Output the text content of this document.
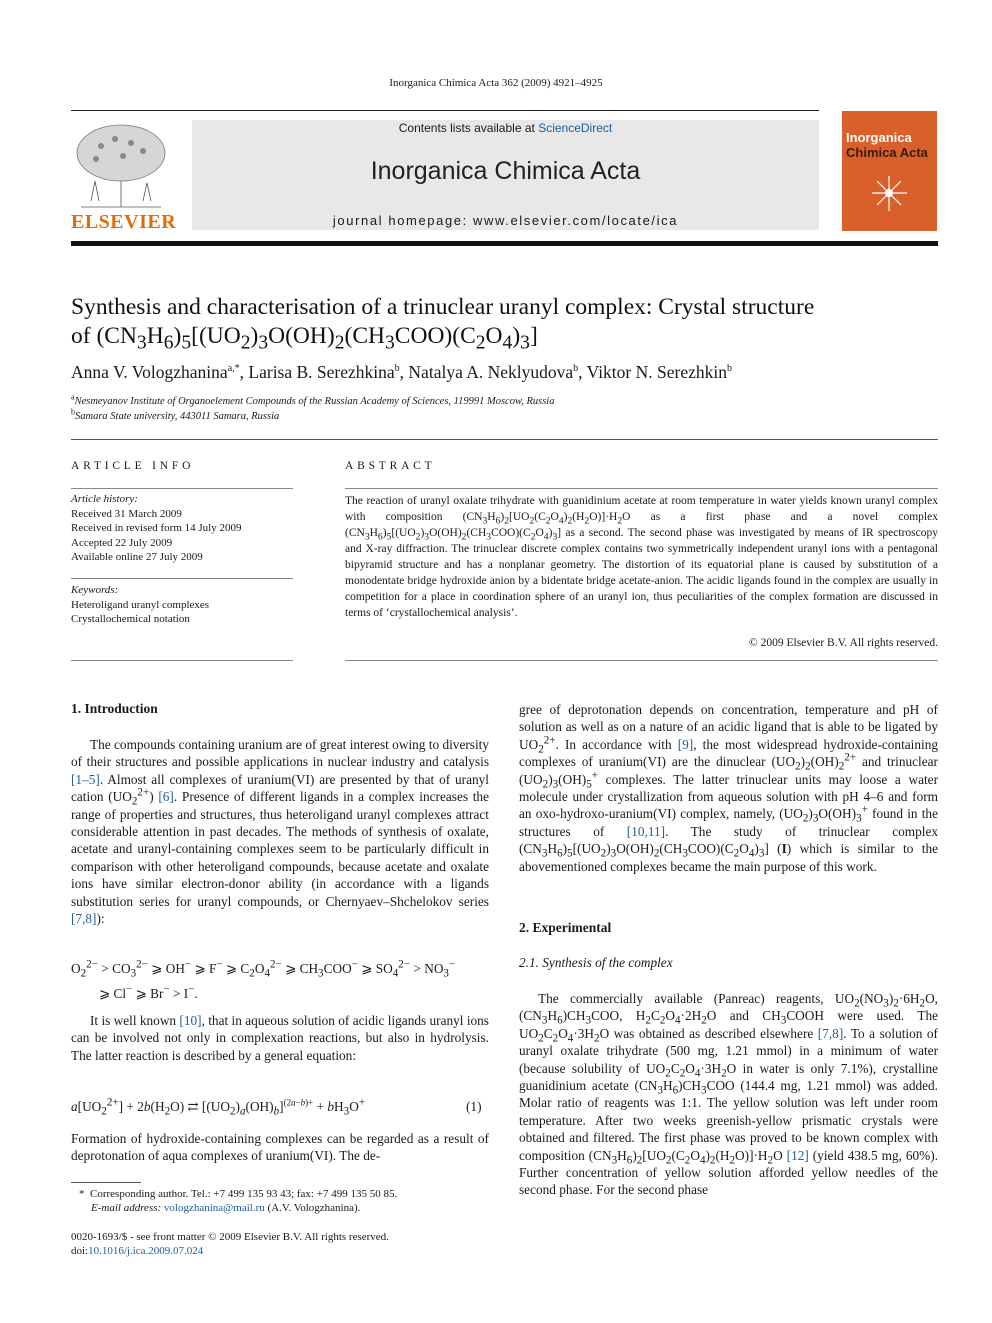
Inorganica Chimica Acta 362 (2009) 4921–4925
ELSEVIER
Contents lists available at ScienceDirect
Inorganica Chimica Acta
journal homepage: www.elsevier.com/locate/ica
Inorganica
Chimica Acta
Synthesis and characterisation of a trinuclear uranyl complex: Crystal structure
of $(CN_3H_6)_5[(UO_2)_3O(OH)_2(CH_3COO)(C_2O_4)_3]$
Anna V. Vologzhanina$^{a,*}$, Larisa B. Serezhkina$^b$, Natalya A. Neklyudova$^b$, Viktor N. Serezhkin$^b$
$^a$Nesmeyanov Institute of Organoelement Compounds of the Russian Academy of Sciences, 119991 Moscow, Russia
$^b$Samara State university, 443011 Samara, Russia
ARTICLE INFO
Article history:
Received 31 March 2009
Received in revised form 14 July 2009
Accepted 22 July 2009
Available online 27 July 2009
Keywords:
Heteroligand uranyl complexes
Crystallochemical notation
ABSTRACT
The reaction of uranyl oxalate trihydrate with guanidinium acetate at room temperature in water yields known uranyl complex with composition $(CN_3H_6)_2[UO_2(C_2O_4)_2(H_2O)]\cdot H_2O$ as a first phase and a novel complex $(CN_3H_6)_5[(UO_2)_3O(OH)_2(CH_3COO)(C_2O_4)_3]$ as a second. The second phase was investigated by means of IR spectroscopy and X-ray diffraction. The trinuclear discrete complex contains two symmetrically independent uranyl ions with a pentagonal bipyramid structure and has a nonplanar geometry. The distortion of its equatorial plane is caused by substitution of a monodentate bridge hydroxide anion by a bidentate bridge acetate-anion. The acidic ligands found in the complex are usually in competition for a place in coordination sphere of an uranyl ion, thus peculiarities of the complex formation are discussed in terms of ‘crystallochemical analysis’.
© 2009 Elsevier B.V. All rights reserved.
1. Introduction

The compounds containing uranium are of great interest owing to diversity of their structures and possible applications in nuclear industry and catalysis [1–5]. Almost all complexes of uranium(VI) are presented by that of uranyl cation $(UO_2^{2+})$ [6]. Presence of different ligands in a complex increases the range of properties and structures, thus heteroligand uranyl complexes attract considerable attention in past decades. The methods of synthesis of oxalate, acetate and uranyl-containing complexes seem to be particularly difficult in comparison with other heteroligand compounds, because acetate and oxalate ions have similar electron-donor ability (in accordance with a ligands substitution series for uranyl compounds, or Chernyaev–Shchelokov series [7,8]):

$O_2^{2-} > CO_3^{2-}$ ⩾ OH− ⩾ F− ⩾ $C_2O_4^{2-}$ ⩾ $CH_3COO^-$ ⩾ $SO_4^{2-} > NO_3^-$
⩾ Cl− ⩾ Br− > I−.

It is well known [10], that in aqueous solution of acidic ligands uranyl ions can be involved not only in complexation reactions, but also in hydrolysis. The latter reaction is described by a general equation:

$a[UO_2^{2+}] + 2b(H_2O)$ ⇄ $[(UO_2)_a(OH)_b]^{(2a-b)+} + bH_3O^+$	(1)

Formation of hydroxide-containing complexes can be regarded as a result of deprotonation of aqua complexes of uranium(VI). The de-

* Corresponding author. Tel.: +7 499 135 93 43; fax: +7 499 135 50 85.
E-mail address: vologzhanina@mail.ru (A.V. Vologzhanina).
0020-1693/$ - see front matter © 2009 Elsevier B.V. All rights reserved.
doi:10.1016/j.ica.2009.07.024

gree of deprotonation depends on concentration, temperature and pH of solution as well as on a nature of an acidic ligand that is able to be ligated by $UO_2^{2+}$. In accordance with [9], the most widespread hydroxide-containing complexes of uranium(VI) are the dinuclear $(UO_2)_2(OH)_2^{2+}$ and trinuclear $(UO_2)_3(OH)_5^+$ complexes. The latter trinuclear units may loose a water molecule under crystallization from aqueous solution with pH 4–6 and form an oxo-hydroxo-uranium(VI) complex, namely, $(UO_2)_3O(OH)_3^+$ found in the structures of [10,11]. The study of trinuclear complex $(CN_3H_6)_5[(UO_2)_3O(OH)_2(CH_3COO)(C_2O_4)_3]$ (I) which is similar to the abovementioned complexes became the main purpose of this work.

2. Experimental
2.1. Synthesis of the complex

The commercially available (Panreac) reagents, $UO_2(NO_3)_2\cdot 6H_2O$, $(CN_3H_6)CH_3COO$, $H_2C_2O_4\cdot 2H_2O$ and $CH_3COOH$ were used. The $UO_2C_2O_4\cdot 3H_2O$ was obtained as described elsewhere [7,8]. To a solution of uranyl oxalate trihydrate (500 mg, 1.21 mmol) in a minimum of water (because solubility of $UO_2C_2O_4\cdot 3H_2O$ in water is only 7.1%), crystalline guanidinium acetate $(CN_3H_6)CH_3COO$ (144.4 mg, 1.21 mmol) was added. Molar ratio of reagents was 1:1. The yellow solution was left under room temperature. After two weeks greenish-yellow prismatic crystals were obtained and filtered. The first phase was proved to be known complex with composition $(CN_3H_6)_2[UO_2(C_2O_4)_2(H_2O)]\cdot H_2O$ [12] (yield 438.5 mg, 60%). Further concentration of yellow solution afforded yellow needles of the second phase. For the second phase
